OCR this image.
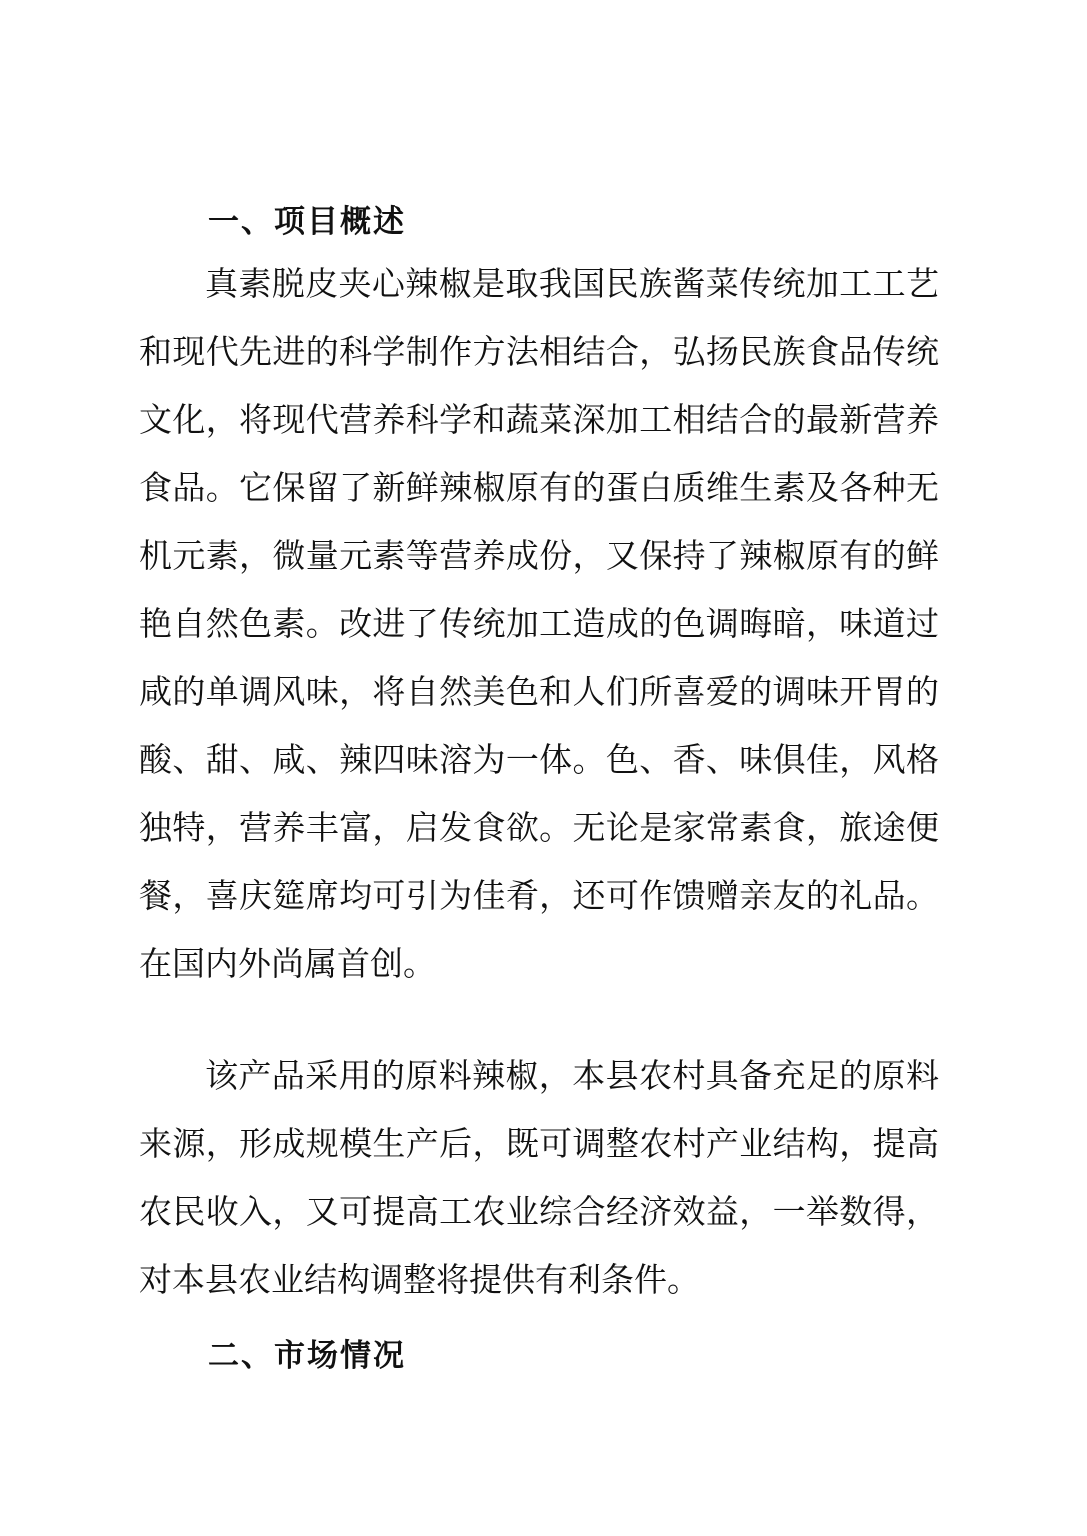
一、项目概述

真素脱皮夹心辣椒是取我国民族酱菜传统加工工艺

和现代先进的科学制作方法相结合，弘扬民族食品传统

文化，将现代营养科学和蔬菜深加工相结合的最新营养

食品。它保留了新鲜辣椒原有的蛋白质维生素及各种无

机元素，微量元素等营养成份，又保持了辣椒原有的鲜

艳自然色素。改进了传统加工造成的色调晦暗，味道过

咸的单调风味，将自然美色和人们所喜爱的调味开胃的

酸、甜、咸、辣四味溶为一体。色、香、味俱佳，风格

独特，营养丰富，启发食欲。无论是家常素食，旅途便

餐，喜庆筵席均可引为佳肴，还可作馈赠亲友的礼品。

在国内外尚属首创。

该产品采用的原料辣椒，本县农村具备充足的原料

来源，形成规模生产后，既可调整农村产业结构，提高

农民收入，又可提高工农业综合经济效益，一举数得，

对本县农业结构调整将提供有利条件。

二、市场情况
